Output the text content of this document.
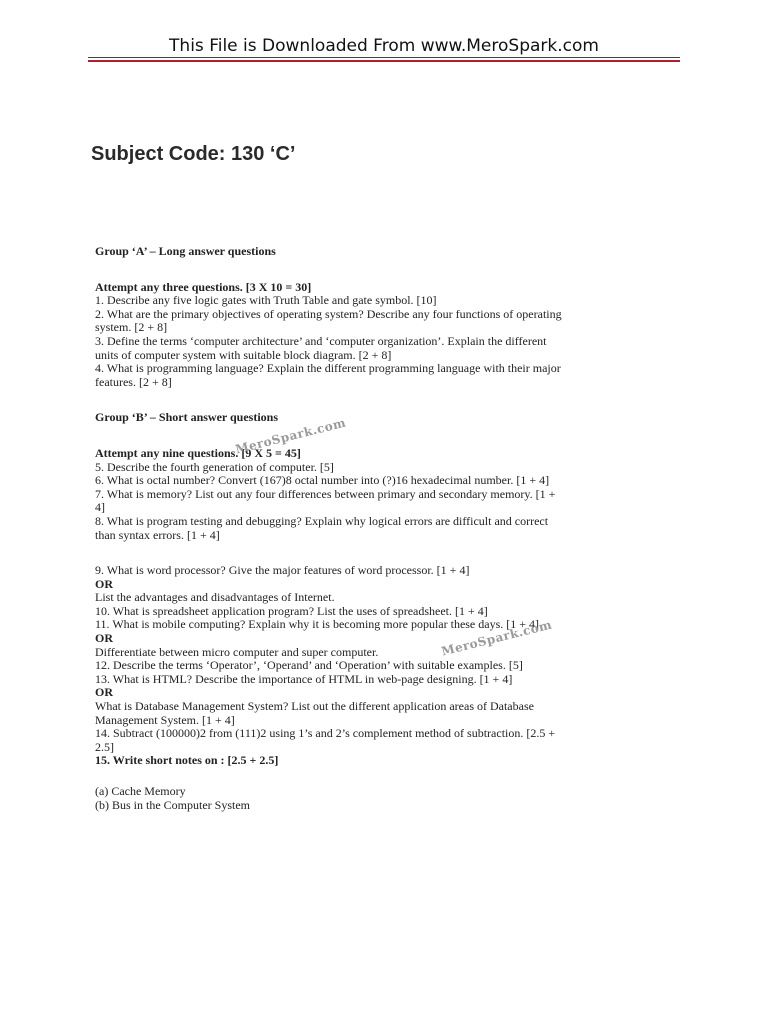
This File is Downloaded From www.MeroSpark.com
Subject Code: 130 ‘C’
Group ‘A’ – Long answer questions
Attempt any three questions. [3 X 10 = 30]
1. Describe any five logic gates with Truth Table and gate symbol. [10]
2. What are the primary objectives of operating system? Describe any four functions of operating
system. [2 + 8]
3. Define the terms ‘computer architecture’ and ‘computer organization’. Explain the different
units of computer system with suitable block diagram. [2 + 8]
4. What is programming language? Explain the different programming language with their major
features. [2 + 8]
Group ‘B’ – Short answer questions
Attempt any nine questions. [9 X 5 = 45]
5. Describe the fourth generation of computer. [5]
6. What is octal number? Convert (167)8 octal number into (?)16 hexadecimal number. [1 + 4]
7. What is memory? List out any four differences between primary and secondary memory. [1 +
4]
8. What is program testing and debugging? Explain why logical errors are difficult and correct
than syntax errors. [1 + 4]
9. What is word processor? Give the major features of word processor. [1 + 4]
OR
List the advantages and disadvantages of Internet.
10. What is spreadsheet application program? List the uses of spreadsheet. [1 + 4]
11. What is mobile computing? Explain why it is becoming more popular these days. [1 + 4]
OR
Differentiate between micro computer and super computer.
12. Describe the terms ‘Operator’, ‘Operand’ and ‘Operation’ with suitable examples. [5]
13. What is HTML? Describe the importance of HTML in web-page designing. [1 + 4]
OR
What is Database Management System? List out the different application areas of Database
Management System. [1 + 4]
14. Subtract (100000)2 from (111)2 using 1’s and 2’s complement method of subtraction. [2.5 +
2.5]
15. Write short notes on : [2.5 + 2.5]
(a) Cache Memory
(b) Bus in the Computer System
MeroSpark.com
MeroSpark.com
